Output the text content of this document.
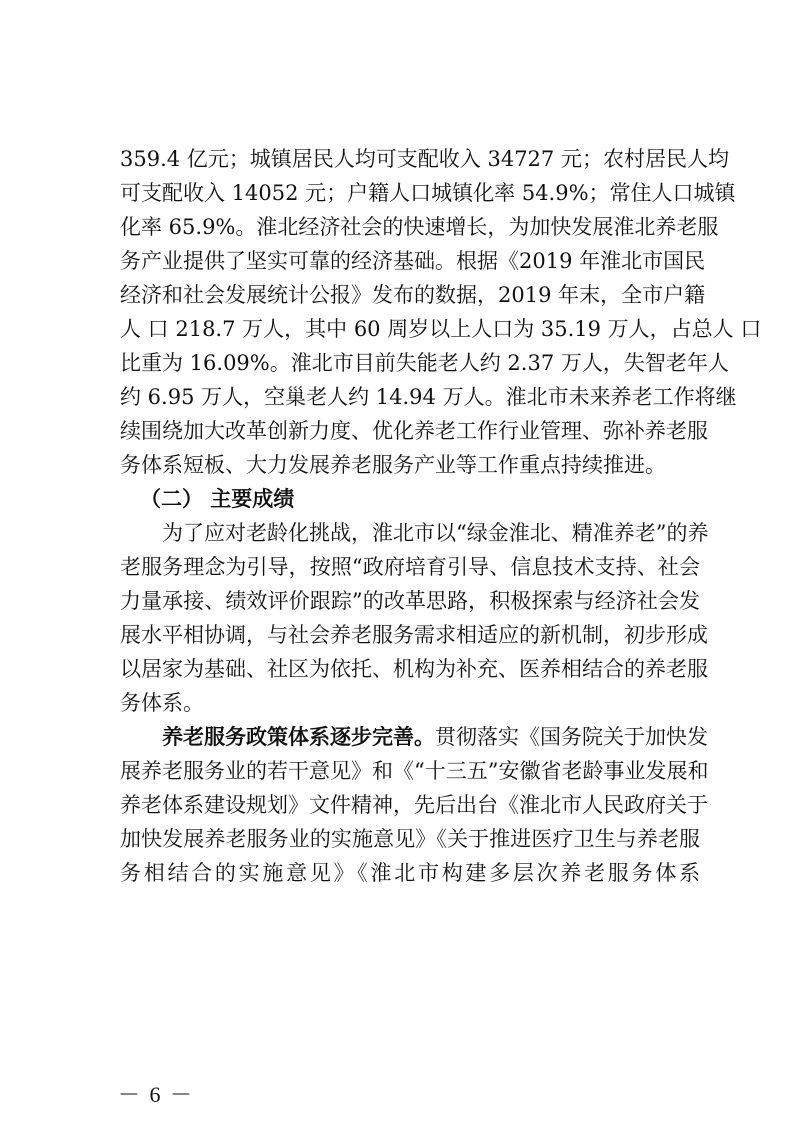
359.4 亿元；城镇居民人均可支配收入 34727 元；农村居民人均
可支配收入 14052 元；户籍人口城镇化率 54.9%；常住人口城镇
化率 65.9%。淮北经济社会的快速增长，为加快发展淮北养老服
务产业提供了坚实可靠的经济基础。根据《2019 年淮北市国民
经济和社会发展统计公报》发布的数据，2019 年末，全市户籍
人 口 218.7 万人，其中 60 周岁以上人口为 35.19 万人，占总人 口
比重为 16.09%。淮北市目前失能老人约 2.37 万人，失智老年人
约 6.95 万人，空巢老人约 14.94 万人。淮北市未来养老工作将继
续围绕加大改革创新力度、优化养老工作行业管理、弥补养老服
务体系短板、大力发展养老服务产业等工作重点持续推进。
（二） 主要成绩
为了应对老龄化挑战，淮北市以“绿金淮北、精准养老”的养
老服务理念为引导，按照“政府培育引导、信息技术支持、社会
力量承接、绩效评价跟踪”的改革思路，积极探索与经济社会发
展水平相协调，与社会养老服务需求相适应的新机制，初步形成
以居家为基础、社区为依托、机构为补充、医养相结合的养老服
务体系。
养老服务政策体系逐步完善。贯彻落实《国务院关于加快发
展养老服务业的若干意见》和《“十三五”安徽省老龄事业发展和
养老体系建设规划》文件精神，先后出台《淮北市人民政府关于
加快发展养老服务业的实施意见》《关于推进医疗卫生与养老服
务相结合的实施意见》《淮北市构建多层次养老服务体系
－ 6 －
